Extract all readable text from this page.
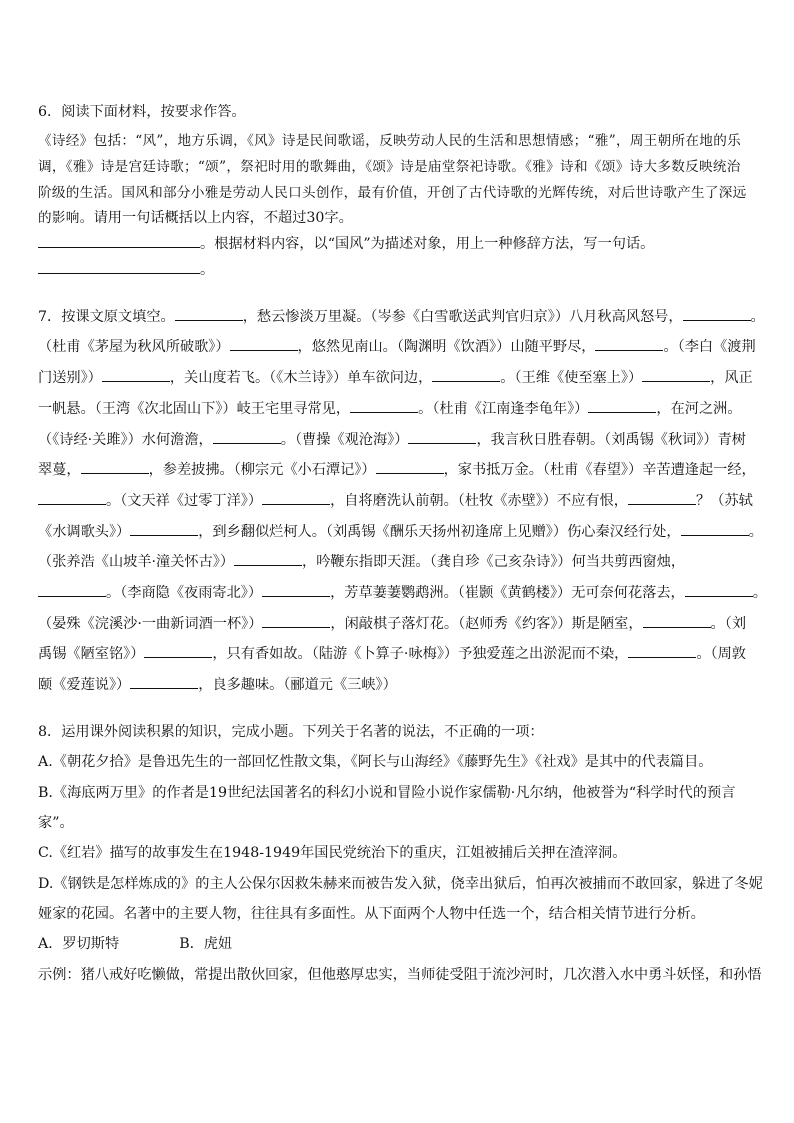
6．阅读下面材料，按要求作答。
《诗经》包括：“风”，地方乐调，《风》诗是民间歌谣，反映劳动人民的生活和思想情感；“雅”，周王朝所在地的乐
调，《雅》诗是宫廷诗歌；“颂”，祭祀时用的歌舞曲，《颂》诗是庙堂祭祀诗歌。《雅》诗和《颂》诗大多数反映统治
阶级的生活。国风和部分小雅是劳动人民口头创作，最有价值，开创了古代诗歌的光辉传统，对后世诗歌产生了深远
的影响。请用一句话概括以上内容，不超过30字。
。根据材料内容，以“国风”为描述对象，用上一种修辞方法，写一句话。
。
7．按课文原文填空。	，愁云惨淡万里凝。（岑参《白雪歌送武判官归京》）八月秋高风怒号，	。
（杜甫《茅屋为秋风所破歌》）	，悠然见南山。（陶渊明《饮酒》）山随平野尽，	。（李白《渡荆
门送别》）	，关山度若飞。（《木兰诗》）单车欲问边，	。（王维《使至塞上》）	，风正
一帆悬。（王湾《次北固山下》）岐王宅里寻常见，	。（杜甫《江南逢李龟年》）	，在河之洲。
（《诗经·关雎》）水何澹澹，	。（曹操《观沧海》）	，我言秋日胜春朝。（刘禹锡《秋词》）青树
翠蔓，	，参差披拂。（柳宗元《小石潭记》）	，家书抵万金。（杜甫《春望》）辛苦遭逢起一经，
。（文天祥《过零丁洋》）	，自将磨洗认前朝。（杜牧《赤壁》）不应有恨，	？（苏轼
《水调歌头》）	，到乡翻似烂柯人。（刘禹锡《酬乐天扬州初逢席上见赠》）伤心秦汉经行处，	。
（张养浩《山坡羊·潼关怀古》）	，吟鞭东指即天涯。（龚自珍《己亥杂诗》）何当共剪西窗烛，
。（李商隐《夜雨寄北》）	，芳草萋萋鹦鹉洲。（崔颢《黄鹤楼》）无可奈何花落去，	。
（晏殊《浣溪沙·一曲新词酒一杯》）	，闲敲棋子落灯花。（赵师秀《约客》）斯是陋室，	。（刘
禹锡《陋室铭》）	，只有香如故。（陆游《卜算子·咏梅》）予独爱莲之出淤泥而不染，	。（周敦
颐《爱莲说》）	，良多趣味。（郦道元《三峡》）
8．运用课外阅读积累的知识，完成小题。下列关于名著的说法，不正确的一项：
A.《朝花夕拾》是鲁迅先生的一部回忆性散文集，《阿长与山海经》《藤野先生》《社戏》是其中的代表篇目。
B.《海底两万里》的作者是19世纪法国著名的科幻小说和冒险小说作家儒勒·凡尔纳，他被誉为“科学时代的预言
家”。
C.《红岩》描写的故事发生在1948-1949年国民党统治下的重庆，江姐被捕后关押在渣滓洞。
D.《钢铁是怎样炼成的》的主人公保尔因救朱赫来而被告发入狱，侥幸出狱后，怕再次被捕而不敢回家，躲进了冬妮
娅家的花园。名著中的主要人物，往往具有多面性。从下面两个人物中任选一个，结合相关情节进行分析。
A．罗切斯特	B．虎妞
示例：猪八戒好吃懒做，常提出散伙回家，但他憨厚忠实，当师徒受阻于流沙河时，几次潜入水中勇斗妖怪，和孙悟
